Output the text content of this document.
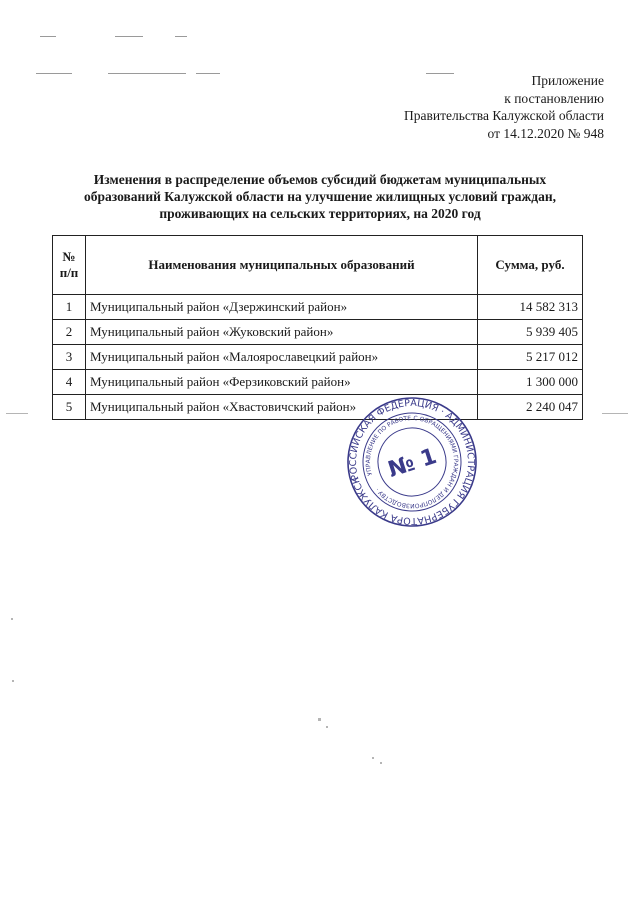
Приложение
к постановлению
Правительства Калужской области
от 14.12.2020 № 948
Изменения в распределение объемов субсидий бюджетам муниципальных
образований Калужской области на улучшение жилищных условий граждан,
проживающих на сельских территориях, на 2020 год
№
п/п	Наименования муниципальных образований	Сумма, руб.
1	Муниципальный район «Дзержинский район»	14 582 313
2	Муниципальный район «Жуковский район»	5 939 405
3	Муниципальный район «Малоярославецкий район»	5 217 012
4	Муниципальный район «Ферзиковский район»	1 300 000
5	Муниципальный район «Хвастовичский район»	2 240 047
РОССИЙСКАЯ ФЕДЕРАЦИЯ · АДМИНИСТРАЦИЯ ГУБЕРНАТОРА КАЛУЖСКОЙ
УПРАВЛЕНИЕ ПО РАБОТЕ С ОБРАЩЕНИЯМИ ГРАЖДАН И ДЕЛОПРОИЗВОДСТВУ ·
№ 1
